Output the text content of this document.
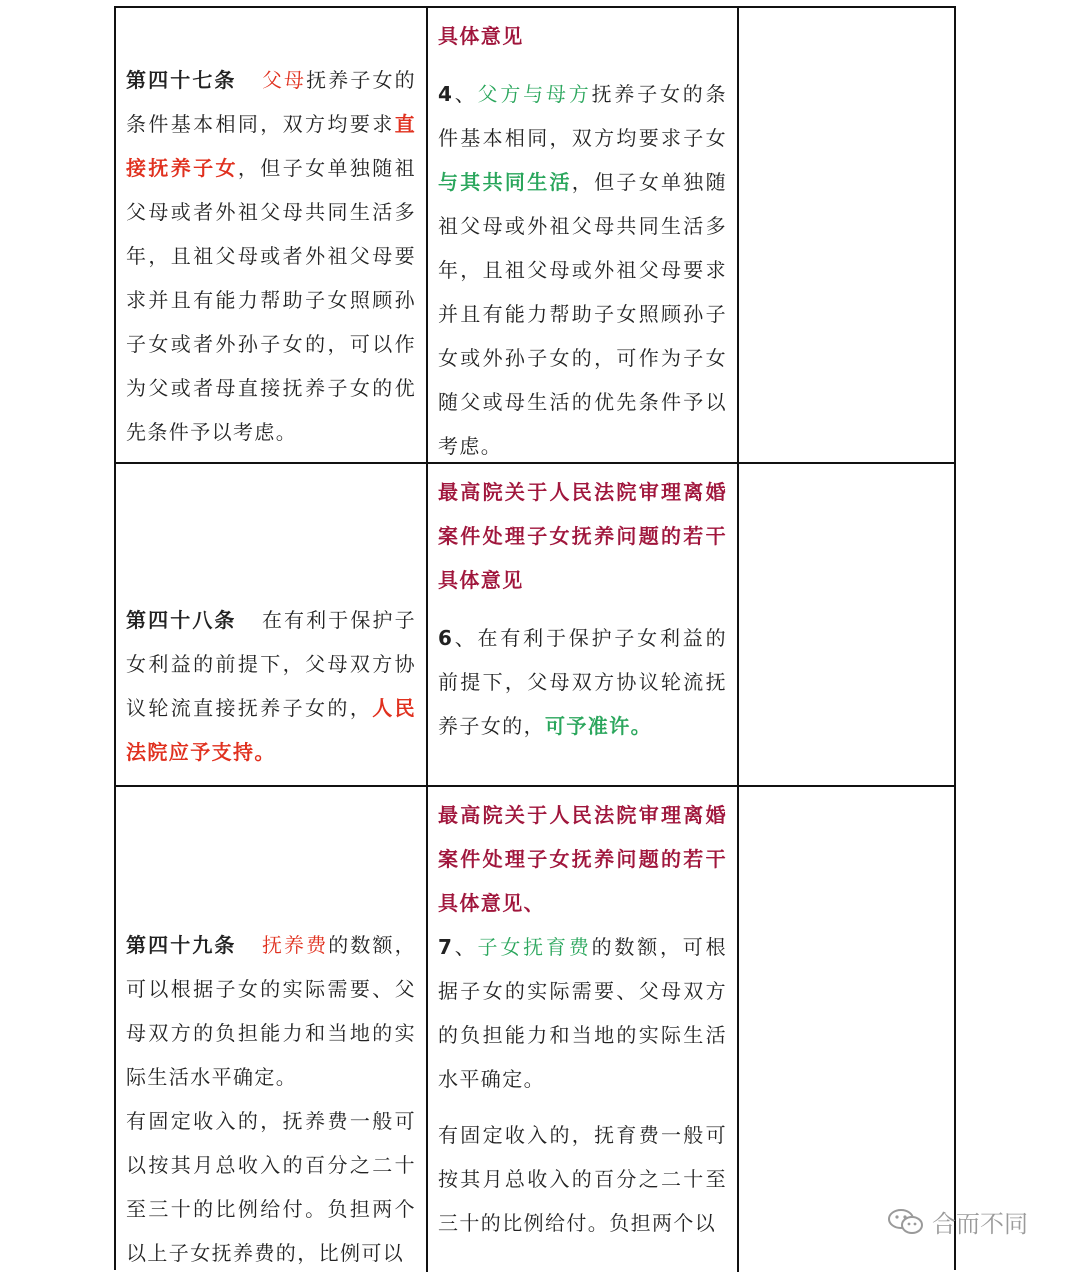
第四十七条 父母抚养子女的条件基本相同，双方均要求直接抚养子女，但子女单独随祖父母或者外祖父母共同生活多年，且祖父母或者外祖父母要求并且有能力帮助子女照顾孙子女或者外孙子女的，可以作为父或者母直接抚养子女的优先条件予以考虑。

具体意见

4、父方与母方抚养子女的条件基本相同，双方均要求子女与其共同生活，但子女单独随祖父母或外祖父母共同生活多年，且祖父母或外祖父母要求并且有能力帮助子女照顾孙子女或外孙子女的，可作为子女随父或母生活的优先条件予以考虑。

第四十八条 在有利于保护子女利益的前提下，父母双方协议轮流直接抚养子女的，人民法院应予支持。

最高院关于人民法院审理离婚案件处理子女抚养问题的若干具体意见

6、在有利于保护子女利益的前提下，父母双方协议轮流抚养子女的，可予准许。

第四十九条 抚养费的数额，可以根据子女的实际需要、父母双方的负担能力和当地的实际生活水平确定。

有固定收入的，抚养费一般可以按其月总收入的百分之二十至三十的比例给付。负担两个以上子女抚养费的，比例可以

最高院关于人民法院审理离婚案件处理子女抚养问题的若干具体意见、

7、子女抚育费的数额，可根据子女的实际需要、父母双方的负担能力和当地的实际生活水平确定。

有固定收入的，抚育费一般可按其月总收入的百分之二十至三十的比例给付。负担两个以	合而不同
